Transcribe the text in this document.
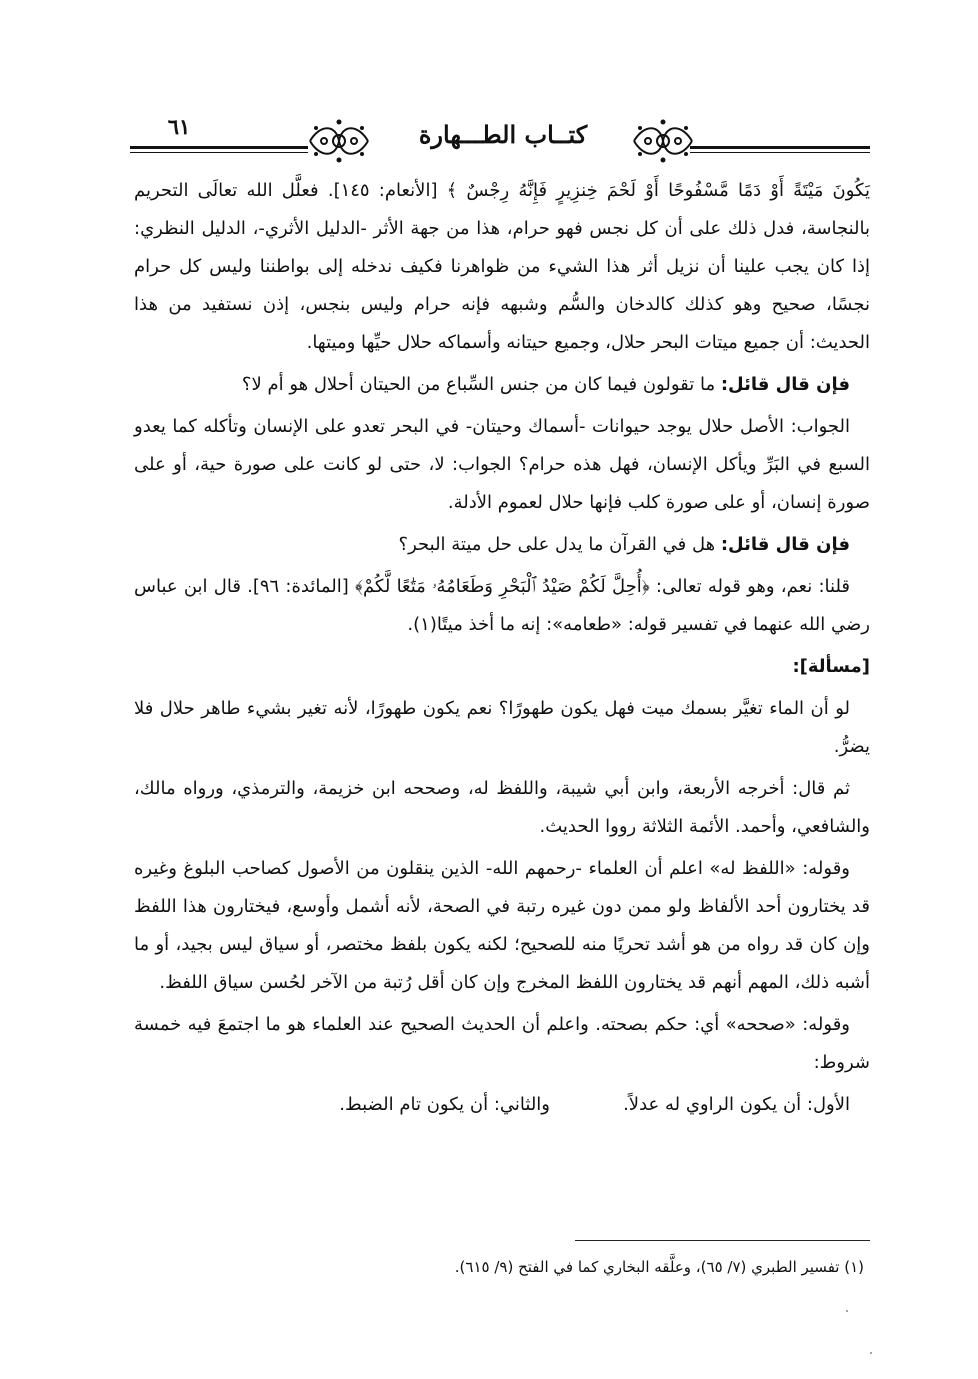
٦١	كتــاب الطـــهارة

يَكُونَ مَيْتَةً أَوْ دَمًا مَّسْفُوحًا أَوْ لَحْمَ خِنزِيرٍ فَإِنَّهُ رِجْسٌ ﴾ [الأنعام: ١٤٥]. فعلَّل الله تعالَى التحريم بالنجاسة، فدل ذلك على أن كل نجس فهو حرام، هذا من جهة الأثر -الدليل الأثري-، الدليل النظري: إذا كان يجب علينا أن نزيل أثر هذا الشيء من ظواهرنا فكيف ندخله إلى بواطننا وليس كل حرام نجسًا، صحيح وهو كذلك كالدخان والسُّم وشبهه فإنه حرام وليس بنجس، إذن نستفيد من هذا الحديث: أن جميع ميتات البحر حلال، وجميع حيتانه وأسماكه حلال حيِّها وميتها.

فإن قال قائل: ما تقولون فيما كان من جنس السِّباع من الحيتان أحلال هو أم لا؟

الجواب: الأصل حلال يوجد حيوانات -أسماك وحيتان- في البحر تعدو على الإنسان وتأكله كما يعدو السبع في البَرِّ ويأكل الإنسان، فهل هذه حرام؟ الجواب: لا، حتى لو كانت على صورة حية، أو على صورة إنسان، أو على صورة كلب فإنها حلال لعموم الأدلة.

فإن قال قائل: هل في القرآن ما يدل على حل ميتة البحر؟

قلنا: نعم، وهو قوله تعالى: ﴿أُحِلَّ لَكُمْ صَيْدُ ٱلْبَحْرِ وَطَعَامُهُۥ مَتَٰعًا لَّكُمْ﴾ [المائدة: ٩٦]. قال ابن عباس رضي الله عنهما في تفسير قوله: «طعامه»: إنه ما أخذ ميتًا(١).

[مسألة]:

لو أن الماء تغيَّر بسمك ميت فهل يكون طهورًا؟ نعم يكون طهورًا، لأنه تغير بشيء طاهر حلال فلا يضرُّ.

ثم قال: أخرجه الأربعة، وابن أبي شيبة، واللفظ له، وصححه ابن خزيمة، والترمذي، ورواه مالك، والشافعي، وأحمد. الأئمة الثلاثة رووا الحديث.

وقوله: «اللفظ له» اعلم أن العلماء -رحمهم الله- الذين ينقلون من الأصول كصاحب البلوغ وغيره قد يختارون أحد الألفاظ ولو ممن دون غيره رتبة في الصحة، لأنه أشمل وأوسع، فيختارون هذا اللفظ وإن كان قد رواه من هو أشد تحريًا منه للصحيح؛ لكنه يكون بلفظ مختصر، أو سياق ليس بجيد، أو ما أشبه ذلك، المهم أنهم قد يختارون اللفظ المخرج وإن كان أقل رُتبة من الآخر لحُسن سياق اللفظ.

وقوله: «صححه» أي: حكم بصحته. واعلم أن الحديث الصحيح عند العلماء هو ما اجتمعَ فيه خمسة شروط:

الأول: أن يكون الراوي له عدلاً.
والثاني: أن يكون تام الضبط.
(١) تفسير الطبري (٧/ ٦٥)، وعلَّقه البخاري كما في الفتح (٩/ ٦١٥).
